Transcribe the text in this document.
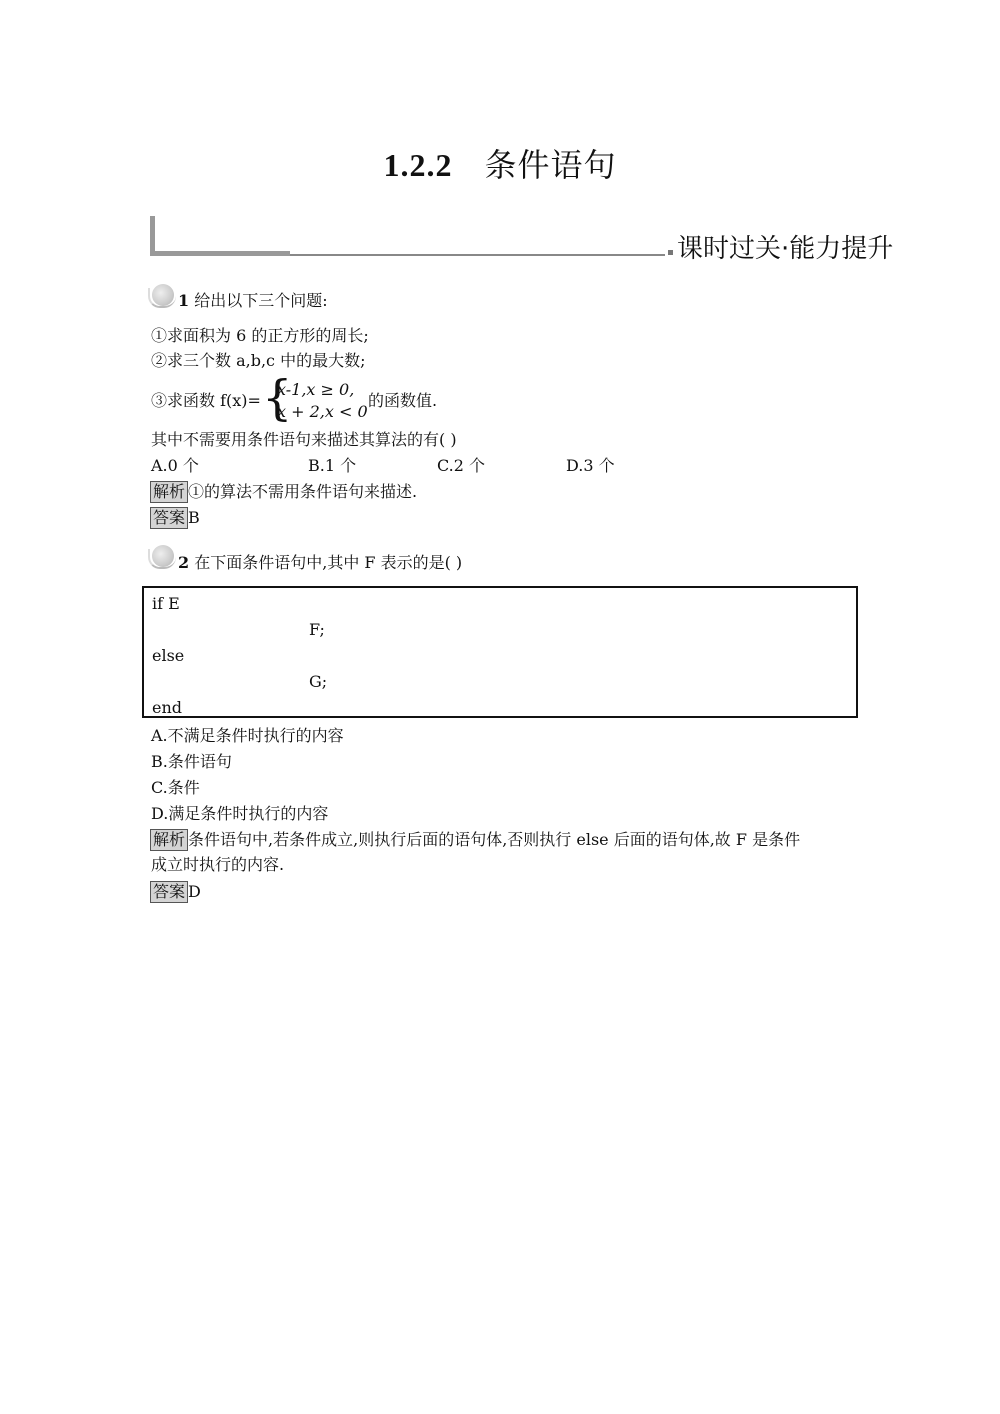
1.2.2 条件语句
课时过关·能力提升
1 给出以下三个问题:
①求面积为 6 的正方形的周长;
②求三个数 a,b,c 中的最大数;
③求函数 f(x)= {
x-1,x ≥ 0,
x + 2,x < 0
的函数值.
其中不需要用条件语句来描述其算法的有( )
A.0 个	B.1 个	C.2 个	D.3 个
解析 ①的算法不需用条件语句来描述.
答案 B
2 在下面条件语句中,其中 F 表示的是( )
if E
F;
else
G;
end
A.不满足条件时执行的内容
B.条件语句
C.条件
D.满足条件时执行的内容
解析 条件语句中,若条件成立,则执行后面的语句体,否则执行 else 后面的语句体,故 F 是条件
成立时执行的内容.
答案 D
